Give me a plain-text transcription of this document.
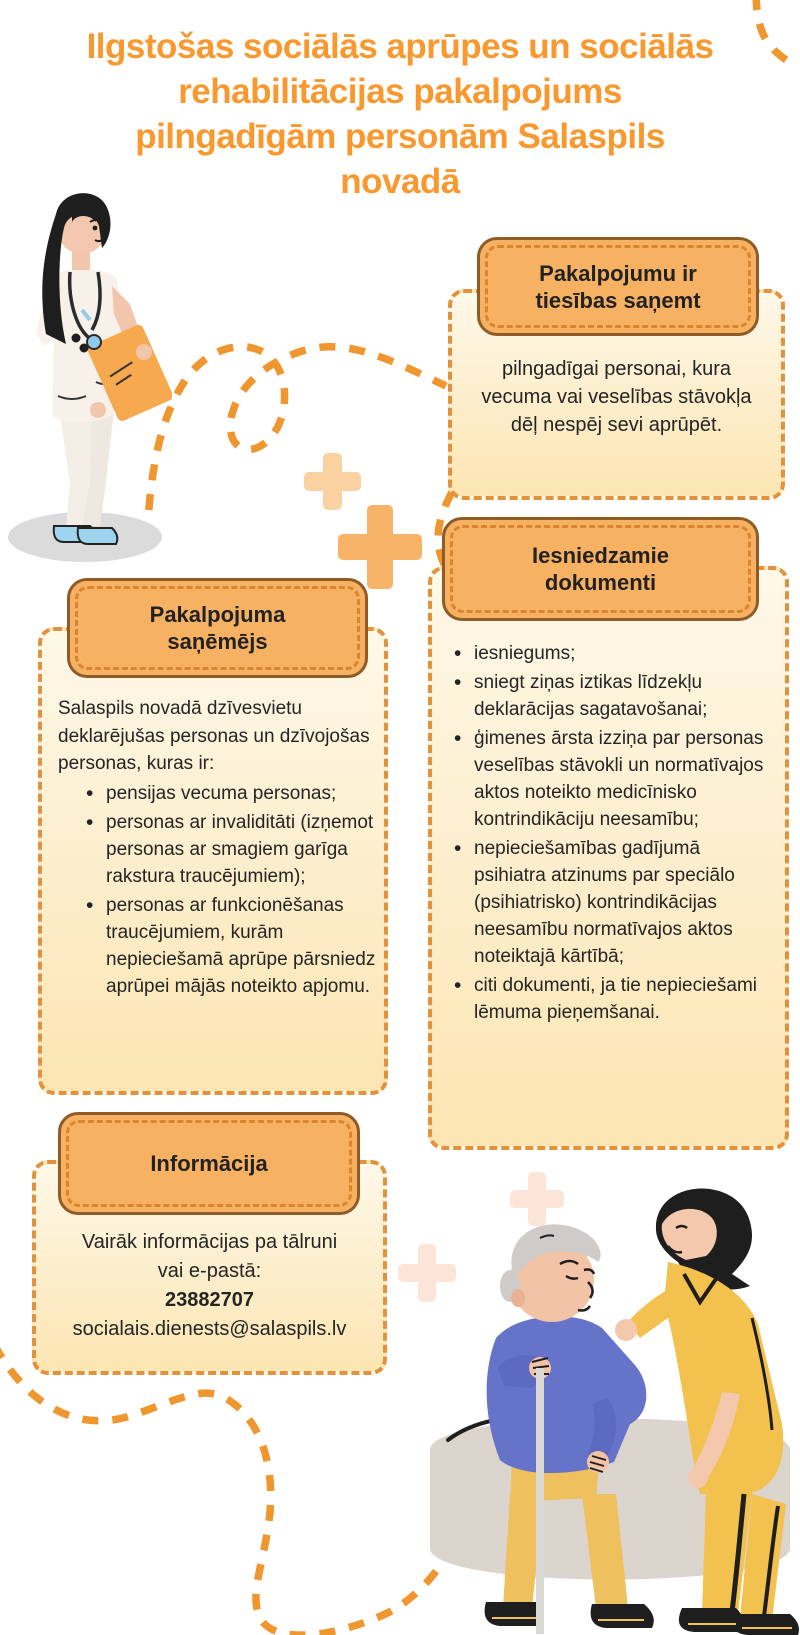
Ilgstošas sociālās aprūpes un sociālās
rehabilitācijas pakalpojums
pilngadīgām personām Salaspils
novadā
pilngadīgai personai, kura vecuma vai veselības stāvokļa dēļ nespēj sevi aprūpēt.
Pakalpojumu ir tiesības saņemt
• iesniegums;
• sniegt ziņas iztikas līdzekļu deklarācijas sagatavošanai;
• ģimenes ārsta izziņa par personas veselības stāvokli un normatīvajos aktos noteikto medicīnisko kontrindikāciju neesamību;
• nepieciešamības gadījumā psihiatra atzinums par speciālo (psihiatrisko) kontrindikācijas neesamību normatīvajos aktos noteiktajā kārtībā;
• citi dokumenti, ja tie nepieciešami lēmuma pieņemšanai.
Iesniedzamie dokumenti
Salaspils novadā dzīvesvietu deklarējušas personas un dzīvojošas personas, kuras ir:
• pensijas vecuma personas;
• personas ar invaliditāti (izņemot personas ar smagiem garīga rakstura traucējumiem);
• personas ar funkcionēšanas traucējumiem, kurām nepieciešamā aprūpe pārsniedz aprūpei mājās noteikto apjomu.
Pakalpojuma saņēmējs
Vairāk informācijas pa tālruni
vai e-pastā:
23882707
socialais.dienests@salaspils.lv
Informācija
